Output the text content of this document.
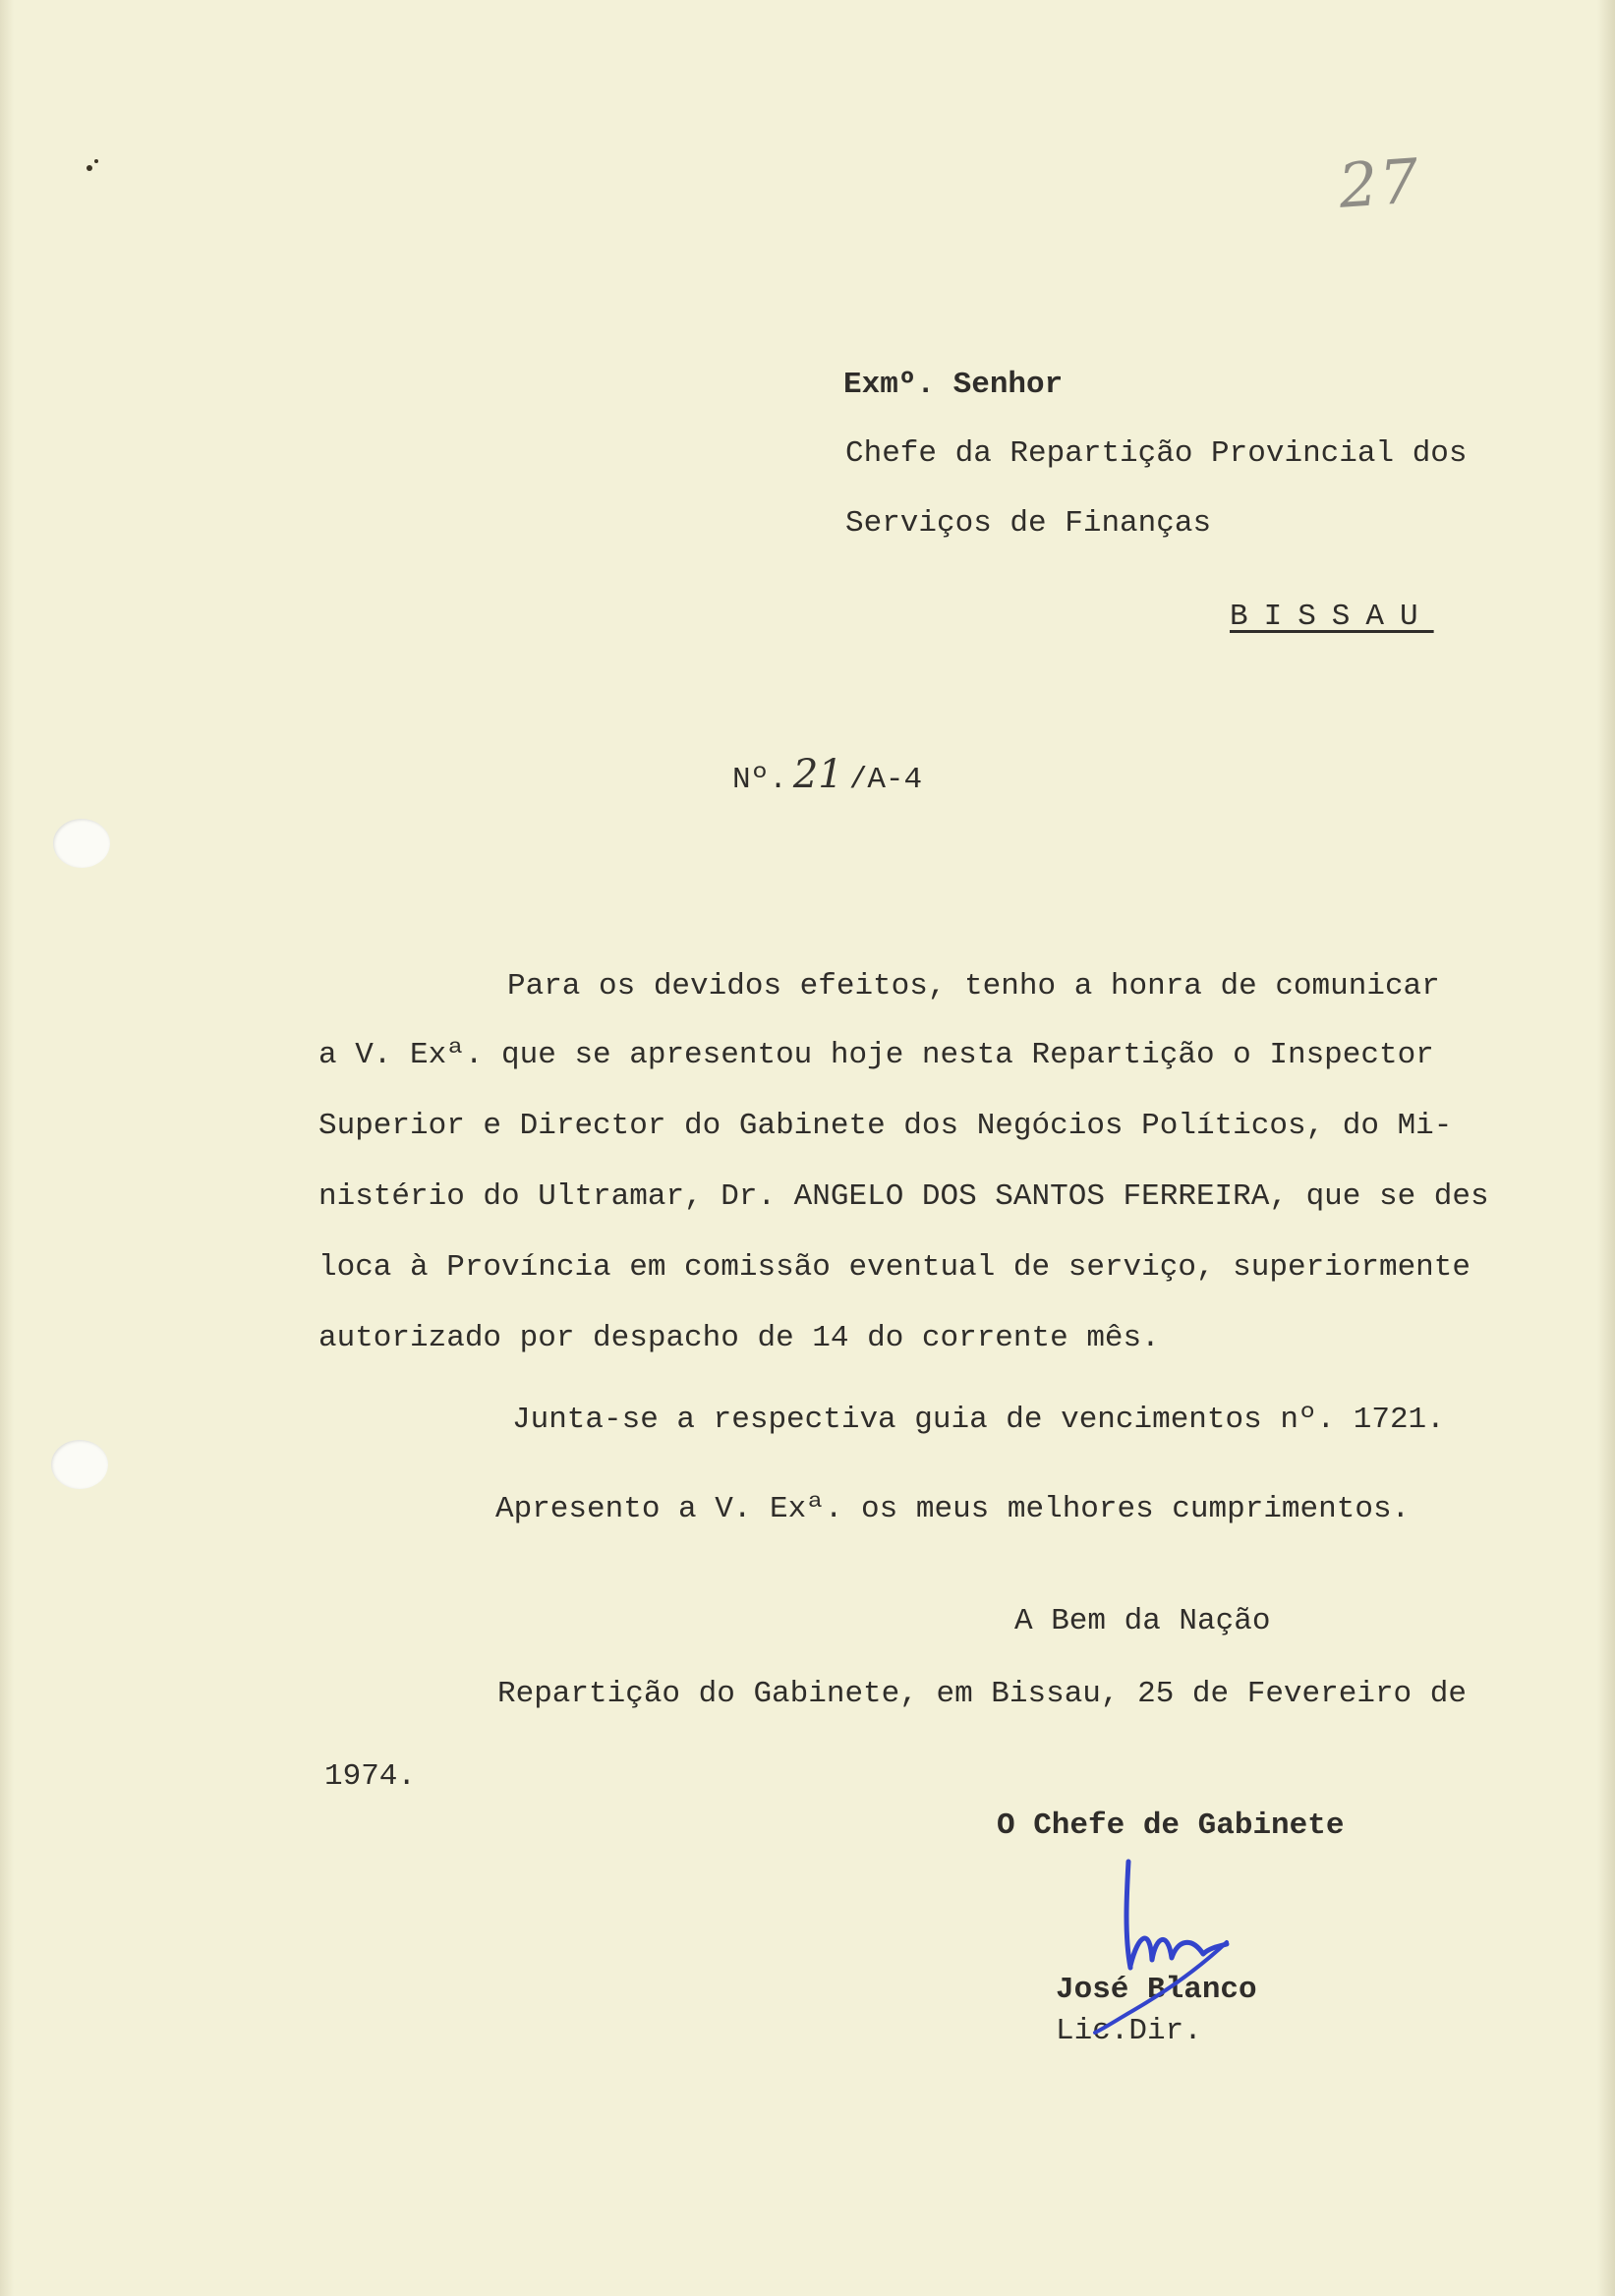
27
Exmº. Senhor
Chefe da Repartição Provincial dos
Serviços de Finanças
BISSAU
Nº. 21 /A-4
Para os devidos efeitos, tenho a honra de comunicar
a V. Exª. que se apresentou hoje nesta Repartição o Inspector
Superior e Director do Gabinete dos Negócios Políticos, do Mi-
nistério do Ultramar, Dr. ANGELO DOS SANTOS FERREIRA, que se des
loca à Província em comissão eventual de serviço, superiormente
autorizado por despacho de 14 do corrente mês.
Junta-se a respectiva guia de vencimentos nº. 1721.
Apresento a V. Exª. os meus melhores cumprimentos.
A Bem da Nação
Repartição do Gabinete, em Bissau, 25 de Fevereiro de
1974.
O Chefe de Gabinete
José Blanco
Lic.Dir.
